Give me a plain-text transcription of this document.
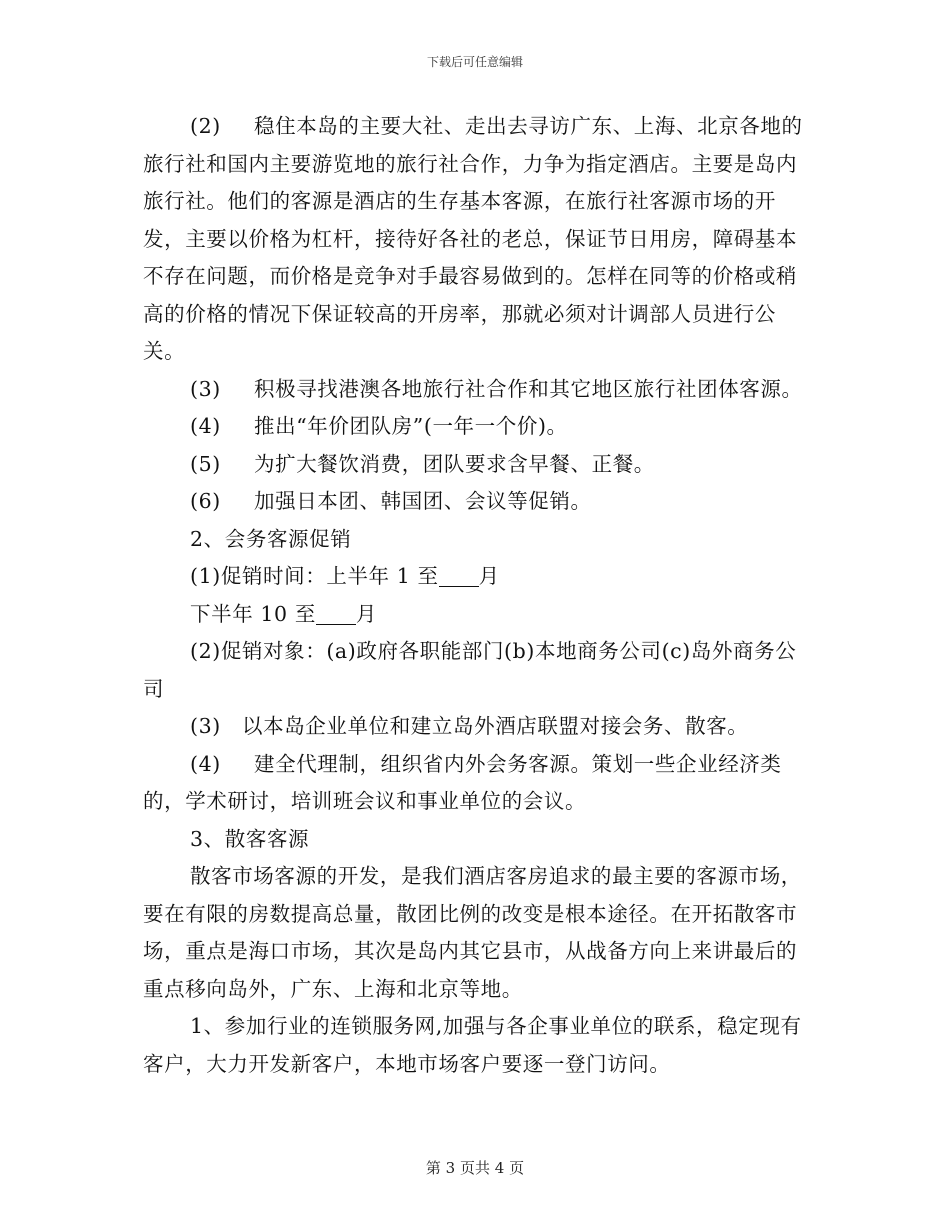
下载后可任意编辑

(2) 稳住本岛的主要大社、走出去寻访广东、上海、北京各地的旅行社和国内主要游览地的旅行社合作，力争为指定酒店。主要是岛内旅行社。他们的客源是酒店的生存基本客源，在旅行社客源市场的开发，主要以价格为杠杆，接待好各社的老总，保证节日用房，障碍基本不存在问题，而价格是竞争对手最容易做到的。怎样在同等的价格或稍高的价格的情况下保证较高的开房率，那就必须对计调部人员进行公关。

(3) 积极寻找港澳各地旅行社合作和其它地区旅行社团体客源。

(4) 推出“年价团队房”(一年一个价)。

(5) 为扩大餐饮消费，团队要求含早餐、正餐。

(6) 加强日本团、韩国团、会议等促销。

2、会务客源促销

(1)促销时间：上半年 1 至 月

下半年 10 至 月

(2)促销对象：(a)政府各职能部门(b)本地商务公司(c)岛外商务公司

(3) 以本岛企业单位和建立岛外酒店联盟对接会务、散客。

(4) 建全代理制，组织省内外会务客源。策划一些企业经济类的，学术研讨，培训班会议和事业单位的会议。

3、散客客源

散客市场客源的开发，是我们酒店客房追求的最主要的客源市场，要在有限的房数提高总量，散团比例的改变是根本途径。在开拓散客市场，重点是海口市场，其次是岛内其它县市，从战备方向上来讲最后的重点移向岛外，广东、上海和北京等地。

1、参加行业的连锁服务网,加强与各企事业单位的联系，稳定现有客户，大力开发新客户，本地市场客户要逐一登门访问。

第 3 页共 4 页
